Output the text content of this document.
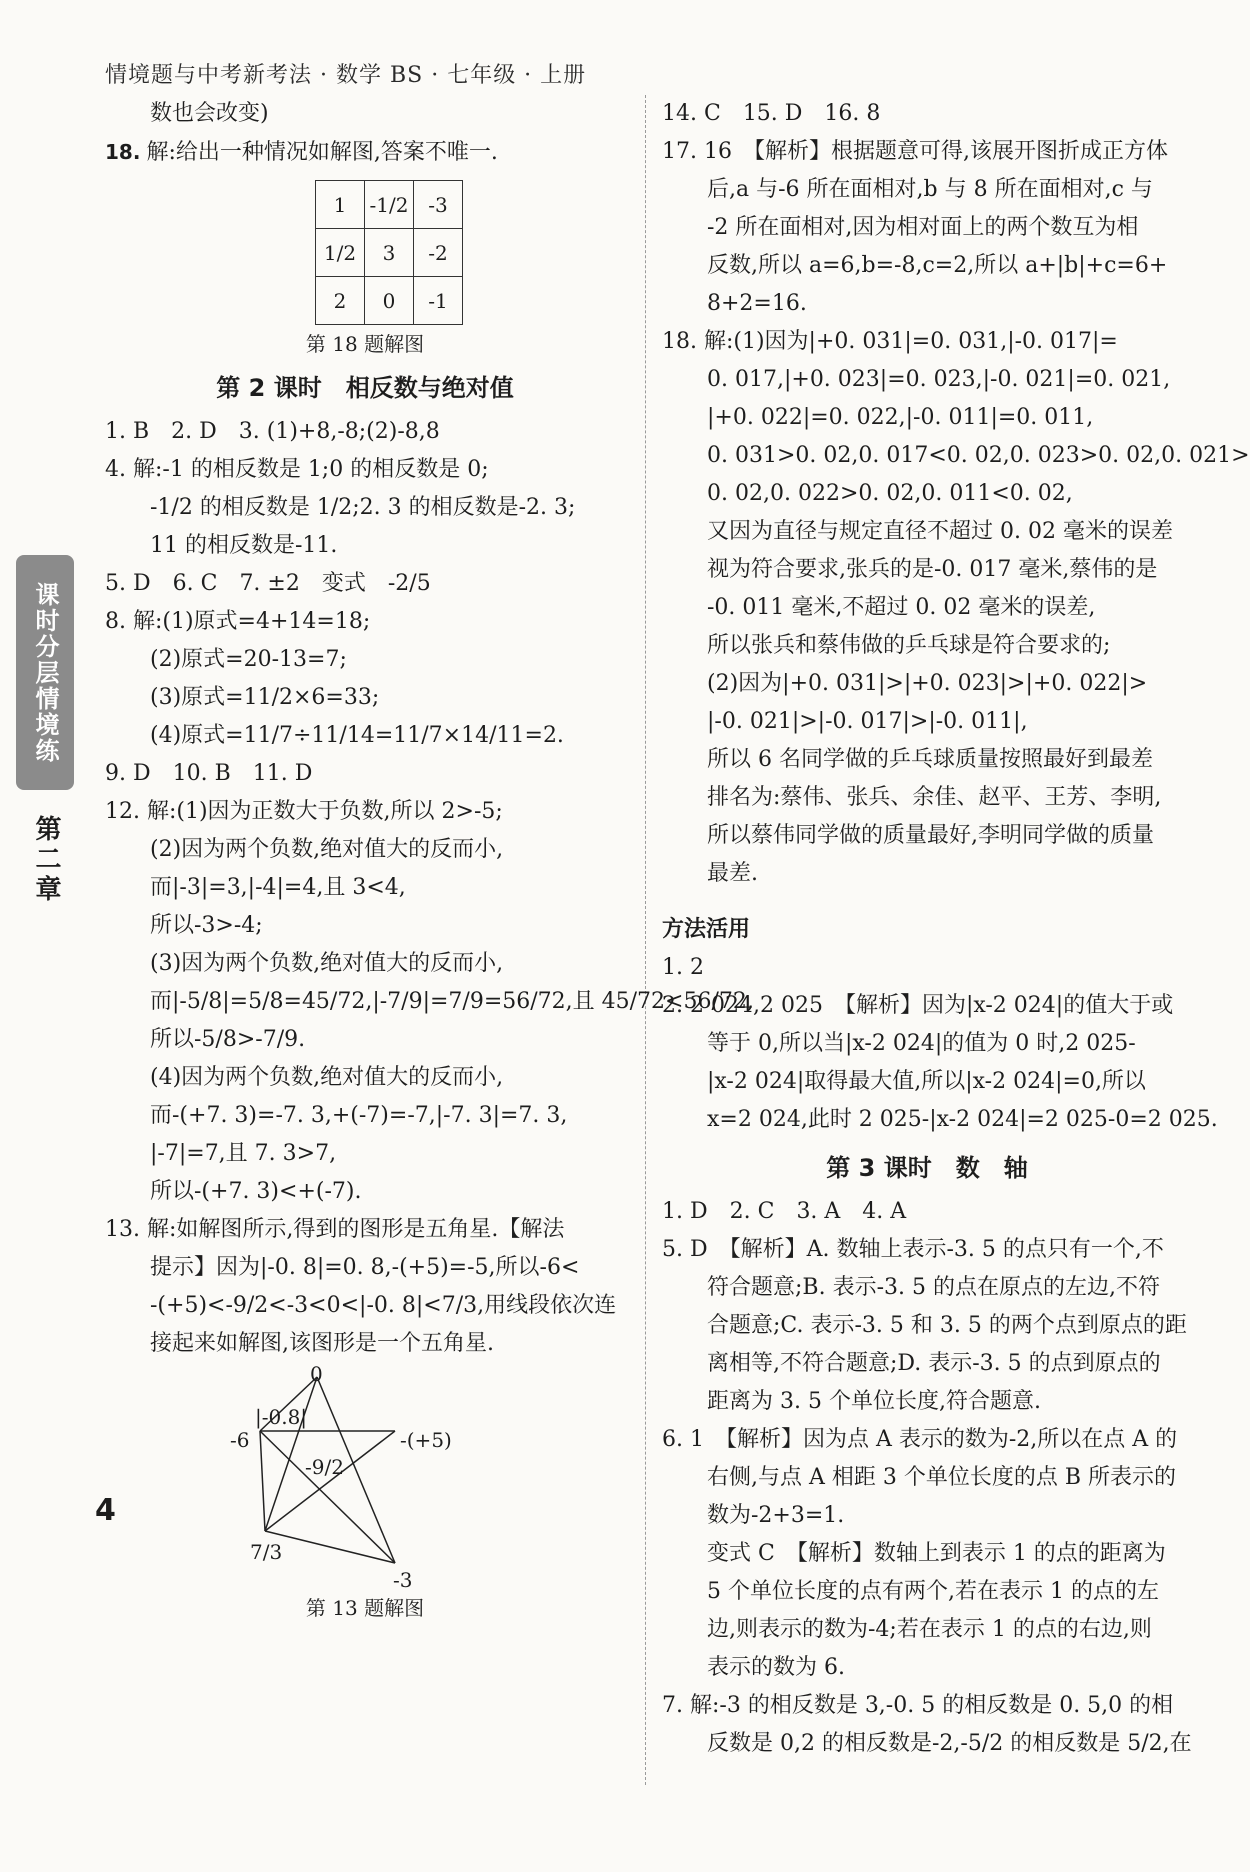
情境题与中考新考法 · 数学 BS · 七年级 · 上册
课时分层情境练
第二章
4
数也会改变)
18. 解:给出一种情况如解图,答案不唯一.
1	-1/2	-3
1/2	3	-2
2	0	-1
第 18 题解图
第 2 课时　相反数与绝对值
1. B　2. D　3. (1)+8,-8;(2)-8,8
4. 解:-1 的相反数是 1;0 的相反数是 0;
-1/2 的相反数是 1/2;2. 3 的相反数是-2. 3;
11 的相反数是-11.
5. D　6. C　7. ±2　变式　-2/5
8. 解:(1)原式=4+14=18;
(2)原式=20-13=7;
(3)原式=11/2×6=33;
(4)原式=11/7÷11/14=11/7×14/11=2.
9. D　10. B　11. D
12. 解:(1)因为正数大于负数,所以 2>-5;
(2)因为两个负数,绝对值大的反而小,
而|-3|=3,|-4|=4,且 3<4,
所以-3>-4;
(3)因为两个负数,绝对值大的反而小,
而|-5/8|=5/8=45/72,|-7/9|=7/9=56/72,且 45/72<56/72,
所以-5/8>-7/9.
(4)因为两个负数,绝对值大的反而小,
而-(+7. 3)=-7. 3,+(-7)=-7,|-7. 3|=7. 3,
|-7|=7,且 7. 3>7,
所以-(+7. 3)<+(-7).
13. 解:如解图所示,得到的图形是五角星.【解法
提示】因为|-0. 8|=0. 8,-(+5)=-5,所以-6<
-(+5)<-9/2<-3<0<|-0. 8|<7/3,用线段依次连
接起来如解图,该图形是一个五角星.
0
|-0.8|
-6	-(+5)
-9/2
7/3
-3
第 13 题解图
14. C　15. D　16. 8
17. 16　【解析】根据题意可得,该展开图折成正方体
后,a 与-6 所在面相对,b 与 8 所在面相对,c 与
-2 所在面相对,因为相对面上的两个数互为相
反数,所以 a=6,b=-8,c=2,所以 a+|b|+c=6+
8+2=16.
18. 解:(1)因为|+0. 031|=0. 031,|-0. 017|=
0. 017,|+0. 023|=0. 023,|-0. 021|=0. 021,
|+0. 022|=0. 022,|-0. 011|=0. 011,
0. 031>0. 02,0. 017<0. 02,0. 023>0. 02,0. 021>
0. 02,0. 022>0. 02,0. 011<0. 02,
又因为直径与规定直径不超过 0. 02 毫米的误差
视为符合要求,张兵的是-0. 017 毫米,蔡伟的是
-0. 011 毫米,不超过 0. 02 毫米的误差,
所以张兵和蔡伟做的乒乓球是符合要求的;
(2)因为|+0. 031|>|+0. 023|>|+0. 022|>
|-0. 021|>|-0. 017|>|-0. 011|,
所以 6 名同学做的乒乓球质量按照最好到最差
排名为:蔡伟、张兵、余佳、赵平、王芳、李明,
所以蔡伟同学做的质量最好,李明同学做的质量
最差.
方法活用
1. 2
2. 2 024,2 025　【解析】因为|x-2 024|的值大于或
等于 0,所以当|x-2 024|的值为 0 时,2 025-
|x-2 024|取得最大值,所以|x-2 024|=0,所以
x=2 024,此时 2 025-|x-2 024|=2 025-0=2 025.
第 3 课时　数　轴
1. D　2. C　3. A　4. A
5. D　【解析】A. 数轴上表示-3. 5 的点只有一个,不
符合题意;B. 表示-3. 5 的点在原点的左边,不符
合题意;C. 表示-3. 5 和 3. 5 的两个点到原点的距
离相等,不符合题意;D. 表示-3. 5 的点到原点的
距离为 3. 5 个单位长度,符合题意.
6. 1　【解析】因为点 A 表示的数为-2,所以在点 A 的
右侧,与点 A 相距 3 个单位长度的点 B 所表示的
数为-2+3=1.
变式 C　【解析】数轴上到表示 1 的点的距离为
5 个单位长度的点有两个,若在表示 1 的点的左
边,则表示的数为-4;若在表示 1 的点的右边,则
表示的数为 6.
7. 解:-3 的相反数是 3,-0. 5 的相反数是 0. 5,0 的相
反数是 0,2 的相反数是-2,-5/2 的相反数是 5/2,在
